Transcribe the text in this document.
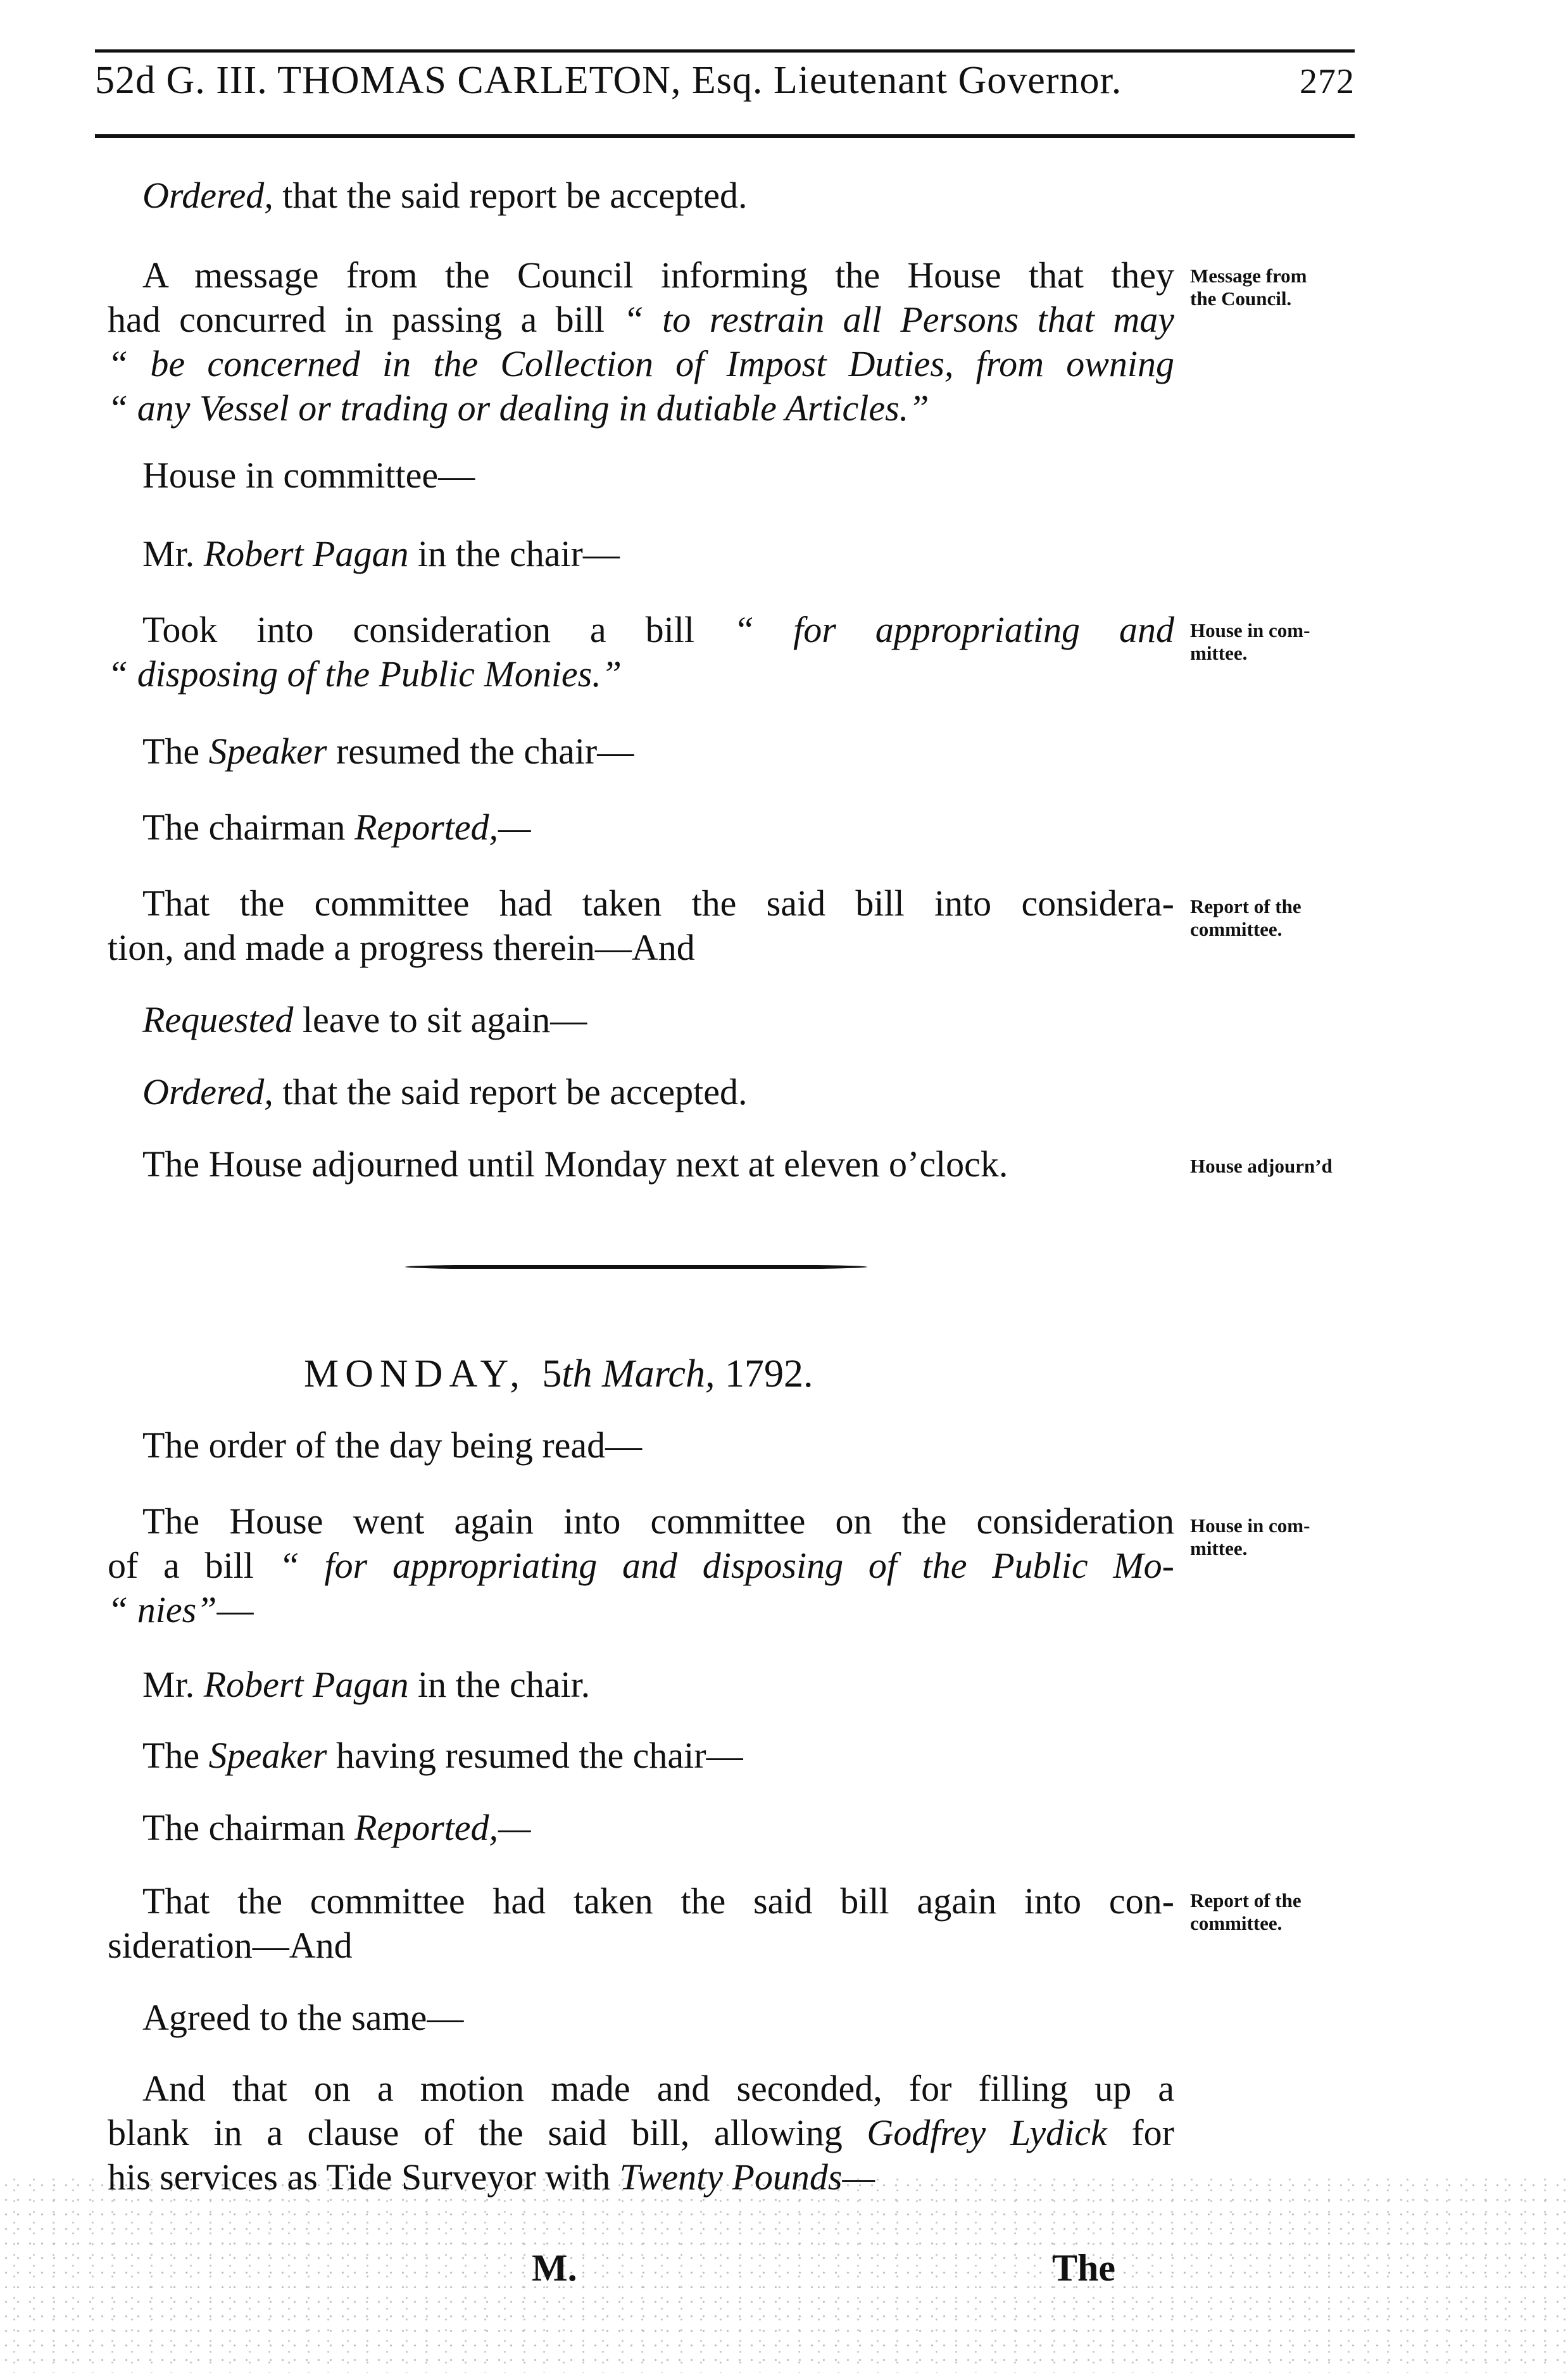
52d G. III. THOMAS CARLETON, Esq. Lieutenant Governor.	272
Ordered, that the said report be accepted.
A message from the Council informing the House that they
had concurred in passing a bill “ to restrain all Persons that may
“ be concerned in the Collection of Impost Duties, from owning
“ any Vessel or trading or dealing in dutiable Articles.”
Message from
the Council.
House in committee—
Mr. Robert Pagan in the chair—
Took into consideration a bill “ for appropriating and
“ disposing of the Public Monies.”
House in com-
mittee.
The Speaker resumed the chair—
The chairman Reported,—
That the committee had taken the said bill into considera-
tion, and made a progress therein—And
Report of the
committee.
Requested leave to sit again—
Ordered, that the said report be accepted.
The House adjourned until Monday next at eleven o’clock.	House adjourn’d
MONDAY, 5th March, 1792.
The order of the day being read—
The House went again into committee on the consideration
of a bill “ for appropriating and disposing of the Public Mo-
“ nies”—
House in com-
mittee.
Mr. Robert Pagan in the chair.
The Speaker having resumed the chair—
The chairman Reported,—
That the committee had taken the said bill again into con-
sideration—And
Report of the
committee.
Agreed to the same—
And that on a motion made and seconded, for filling up a
blank in a clause of the said bill, allowing Godfrey Lydick for
his services as Tide Surveyor with Twenty Pounds—
M.	The
